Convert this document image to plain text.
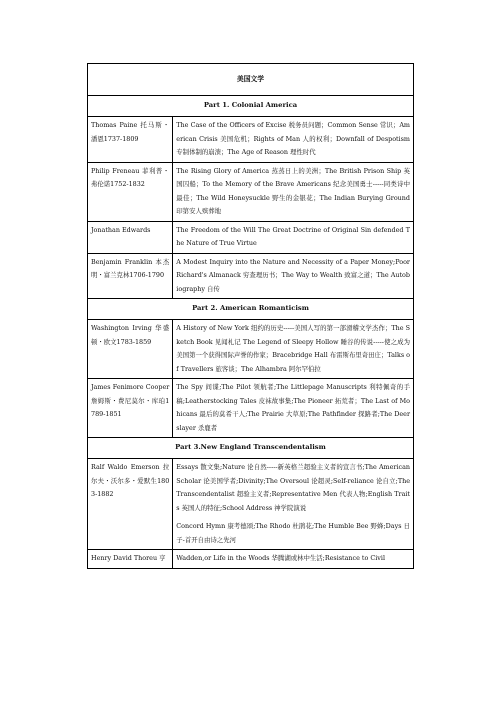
美国文学	
Part 1. Colonial America	
Thomas Paine 托马斯・潘恩1737-1809	The Case of the Officers of Excise 税务员问题；Common Sense 常识；American Crisis 美国危机；Rights of Man 人的权利；Downfall of Despotism 专制体制的崩溃；The Age of Reason 理性时代

Philip Freneau 菲利普・弗伦诺1752-1832	The Rising Glory of America 蒸蒸日上的美洲；The British Prison Ship 英国囚船；To the Memory of the Brave Americans 纪念美国勇士-----同类诗中最佳；The Wild Honeysuckle 野生的金银花；The Indian Burying Ground 印第安人殡葬地

Jonathan Edwards	The Freedom of the Will The Great Doctrine of Original Sin defended The Nature of True Virtue

Benjamin Franklin 本杰明・富兰克林1706-1790	A Modest Inquiry into the Nature and Necessity of a Paper Money;Poor Richard's Almanack 穷查理历书；The Way to Wealth 致富之道；The Autobiography 自传

Part 2. American Romanticism	
Washington Irving 华盛顿・欧文1783-1859	A History of New York 纽约的历史-----美国人写的第一部滑稽文学杰作；The Sketch Book 见闻札记 The Legend of Sleepy Hollow 睡谷的传说-----使之成为美国第一个获得国际声誉的作家；Bracebridge Hall 布雷斯布里奇田庄；Talks of Travellers 旅客谈；The Alhambra 阿尔罕伯拉

James Fenimore Cooper 詹姆斯・费尼莫尔・库珀1789-1851	The Spy 间谍;The Pilot 领航者;The Littlepage Manuscripts 利特佩奇的手稿;Leatherstocking Tales 皮袜故事集;The Pioneer 拓荒者；The Last of Mohicans 最后的莫希干人;The Prairie 大草原;The Pathfinder 探路者;The Deerslayer 杀鹿者

Part 3.New England Transcendentalism	
Ralf Waldo Emerson 拉尔夫・沃尔多・爱默生1803-1882	Essays 散文集;Nature 论自然-----新英格兰超验主义者的宣言书;The American Scholar 论美国学者;Divinity;The Oversoul 论超灵;Self-reliance 论自立;The Transcendentalist 超验主义者;Representative Men 代表人物;English Traits 英国人的特征;School Address 神学院演说

Concord Hymn 康考德颂;The Rhodo 杜鹃花;The Humble Bee 野蜂;Days 日子-首开自由诗之先河

Henry David Thoreu 亨	Wadden,or Life in the Woods 华腾湖或林中生活;Resistance to Civil
